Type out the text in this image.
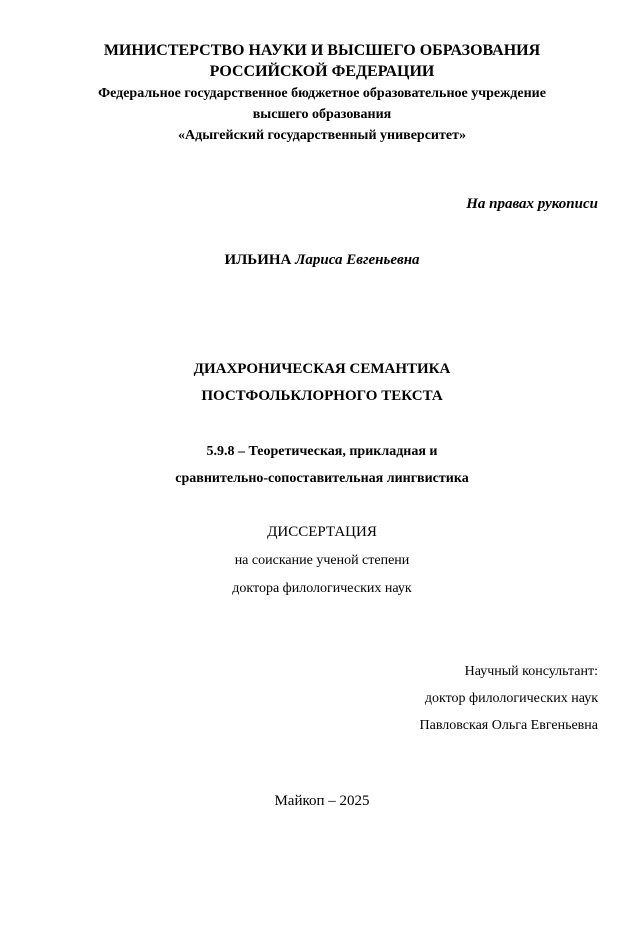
МИНИСТЕРСТВО НАУКИ И ВЫСШЕГО ОБРАЗОВАНИЯ
РОССИЙСКОЙ ФЕДЕРАЦИИ
Федеральное государственное бюджетное образовательное учреждение
высшего образования
«Адыгейский государственный университет»
На правах рукописи
ИЛЬИНА Лариса Евгеньевна
ДИАХРОНИЧЕСКАЯ СЕМАНТИКА
ПОСТФОЛЬКЛОРНОГО ТЕКСТА
5.9.8 – Теоретическая, прикладная и
сравнительно-сопоставительная лингвистика
ДИССЕРТАЦИЯ
на соискание ученой степени
доктора филологических наук
Научный консультант:
доктор филологических наук
Павловская Ольга Евгеньевна
Майкоп – 2025
